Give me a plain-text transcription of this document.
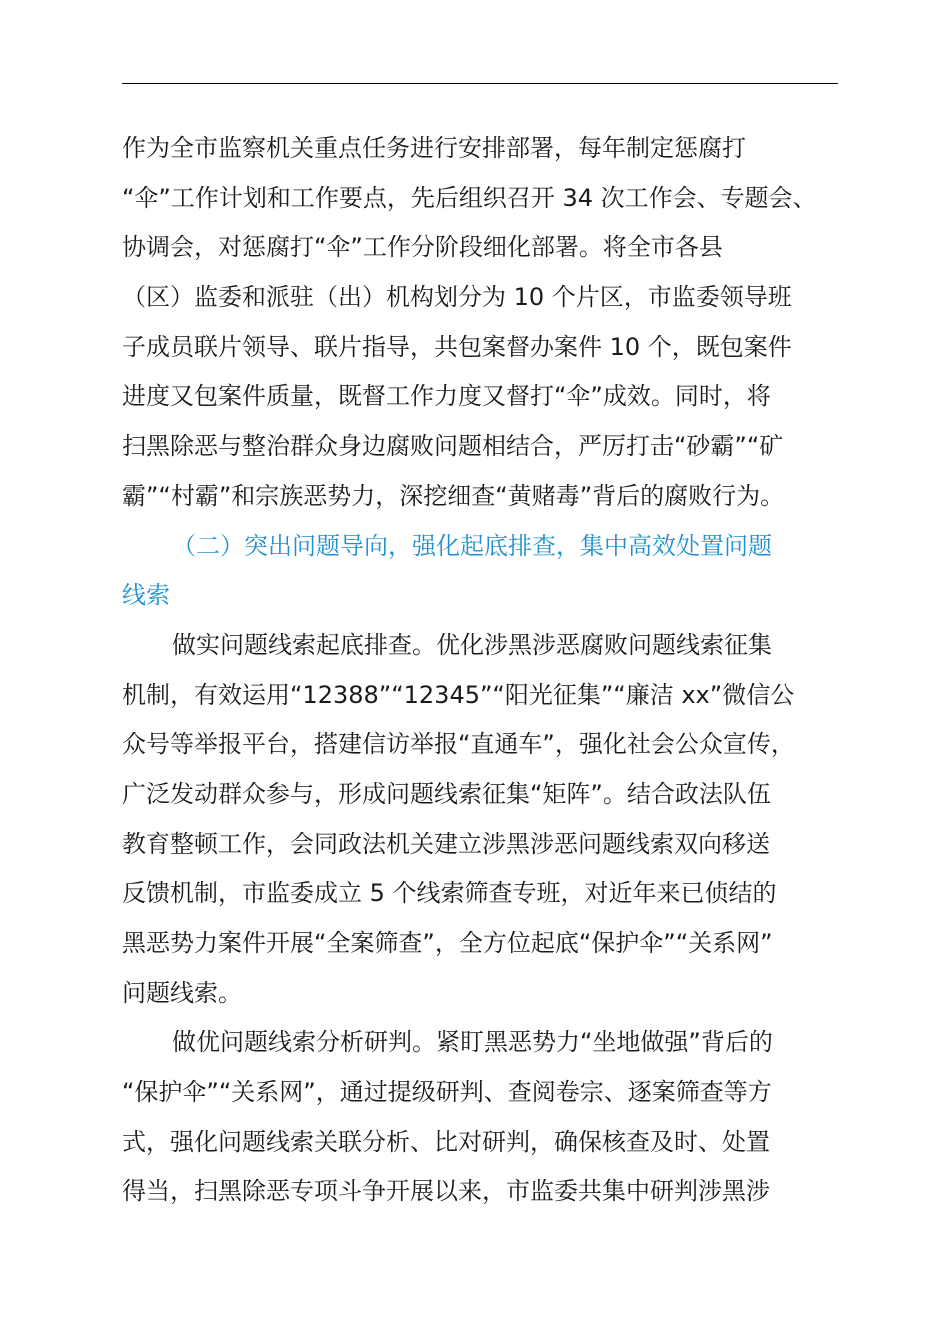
作为全市监察机关重点任务进行安排部署，每年制定惩腐打
“伞”工作计划和工作要点，先后组织召开 34 次工作会、专题会、
协调会，对惩腐打“伞”工作分阶段细化部署。将全市各县
（区）监委和派驻（出）机构划分为 10 个片区，市监委领导班
子成员联片领导、联片指导，共包案督办案件 10 个，既包案件
进度又包案件质量，既督工作力度又督打“伞”成效。同时，将
扫黑除恶与整治群众身边腐败问题相结合，严厉打击“砂霸”“矿
霸”“村霸”和宗族恶势力，深挖细查“黄赌毒”背后的腐败行为。
（二）突出问题导向，强化起底排查，集中高效处置问题
线索
做实问题线索起底排查。优化涉黑涉恶腐败问题线索征集
机制，有效运用“12388”“12345”“阳光征集”“廉洁 xx”微信公
众号等举报平台，搭建信访举报“直通车”，强化社会公众宣传，
广泛发动群众参与，形成问题线索征集“矩阵”。结合政法队伍
教育整顿工作，会同政法机关建立涉黑涉恶问题线索双向移送
反馈机制，市监委成立 5 个线索筛查专班，对近年来已侦结的
黑恶势力案件开展“全案筛查”，全方位起底“保护伞”“关系网”
问题线索。
做优问题线索分析研判。紧盯黑恶势力“坐地做强”背后的
“保护伞”“关系网”，通过提级研判、查阅卷宗、逐案筛查等方
式，强化问题线索关联分析、比对研判，确保核查及时、处置
得当，扫黑除恶专项斗争开展以来，市监委共集中研判涉黑涉
